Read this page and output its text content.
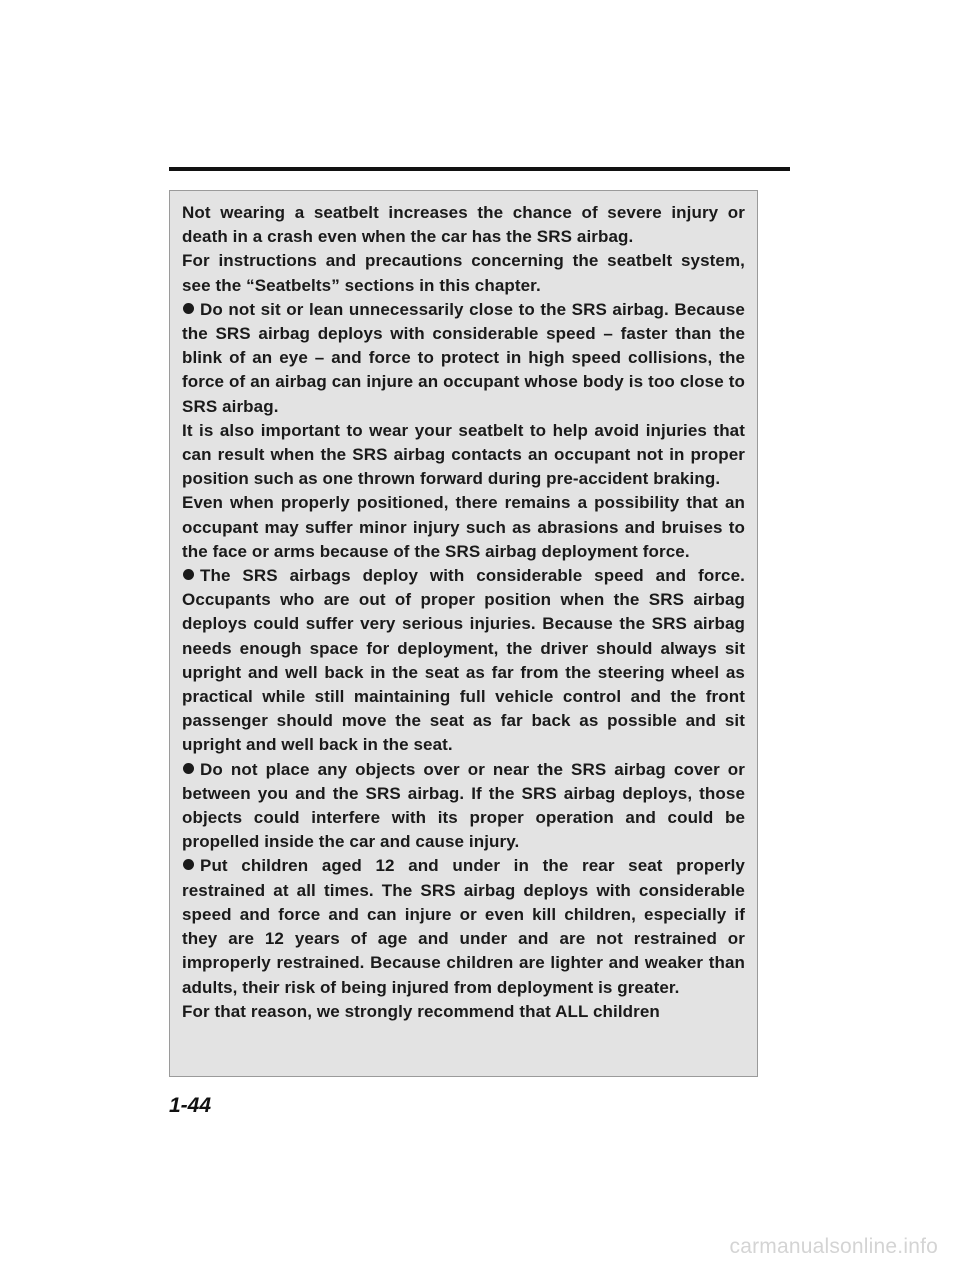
Not wearing a seatbelt increases the chance of severe injury or death in a crash even when the car has the SRS airbag.

For instructions and precautions concerning the seatbelt system, see the “Seatbelts” sections in this chapter.

Do not sit or lean unnecessarily close to the SRS airbag. Because the SRS airbag deploys with considerable speed – faster than the blink of an eye – and force to protect in high speed collisions, the force of an airbag can injure an occupant whose body is too close to SRS airbag.

It is also important to wear your seatbelt to help avoid injuries that can result when the SRS airbag contacts an occupant not in proper position such as one thrown forward during pre-accident braking.

Even when properly positioned, there remains a possibility that an occupant may suffer minor injury such as abrasions and bruises to the face or arms because of the SRS airbag deployment force.

The SRS airbags deploy with considerable speed and force. Occupants who are out of proper position when the SRS airbag deploys could suffer very serious injuries. Because the SRS airbag needs enough space for deployment, the driver should always sit upright and well back in the seat as far from the steering wheel as practical while still maintaining full vehicle control and the front passenger should move the seat as far back as possible and sit upright and well back in the seat.

Do not place any objects over or near the SRS airbag cover or between you and the SRS airbag. If the SRS airbag deploys, those objects could interfere with its proper operation and could be propelled inside the car and cause injury.

Put children aged 12 and under in the rear seat properly restrained at all times. The SRS airbag deploys with considerable speed and force and can injure or even kill children, especially if they are 12 years of age and under and are not restrained or improperly restrained. Because children are lighter and weaker than adults, their risk of being injured from deployment is greater.

For that reason, we strongly recommend that ALL children

1-44
carmanualsonline.info
